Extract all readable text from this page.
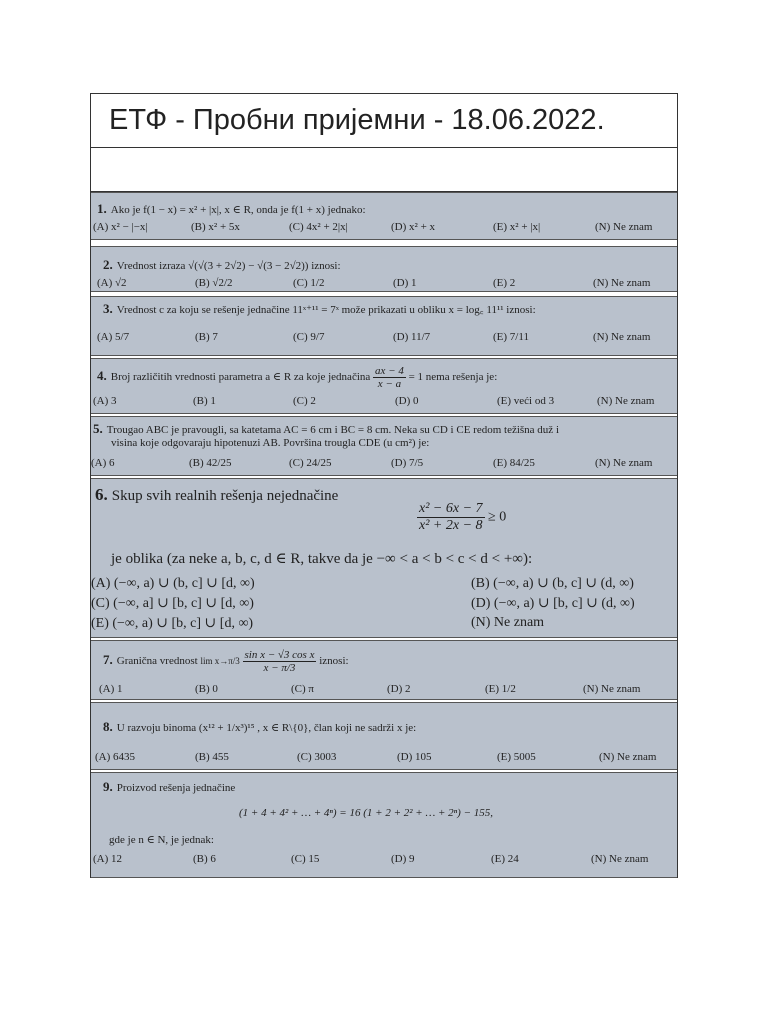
ЕТФ - Пробни пријемни - 18.06.2022.
1. Ako je f(1 − x) = x² + |x|, x ∈ R, onda je f(1 + x) jednako:
(A) x² − |−x|	(B) x² + 5x	(C) 4x² + 2|x|	(D) x² + x	(E) x² + |x|	(N) Ne znam
2. Vrednost izraza √(√(3 + 2√2) − √(3 − 2√2)) iznosi:
(A) √2	(B) √2/2	(C) 1/2	(D) 1	(E) 2	(N) Ne znam
3. Vrednost c za koju se rešenje jednačine 11ˣ⁺¹¹ = 7ˣ može prikazati u obliku x = log꜀ 11¹¹ iznosi:
(A) 5/7	(B) 7	(C) 9/7	(D) 11/7	(E) 7/11	(N) Ne znam
4. Broj različitih vrednosti parametra a ∈ R za koje jednačina $\frac{ax - 4}{x - a} = 1$ nema rešenja je:
(A) 3	(B) 1	(C) 2	(D) 0	(E) veći od 3	(N) Ne znam
5. Trougao ABC je pravougli, sa katetama AC = 6 cm i BC = 8 cm. Neka su CD i CE redom težišna duž i
visina koje odgovaraju hipotenuzi AB. Površina trougla CDE (u cm²) je:
(A) 6	(B) 42/25	(C) 24/25	(D) 7/5	(E) 84/25	(N) Ne znam
6. Skup svih realnih rešenja nejednačine
$\frac{\text{x² − 6x − 7}}{\text{x² + 2x − 8}} \ge 0$
je oblika (za neke a, b, c, d ∈ R, takve da je −∞ < a < b < c < d < +∞):
(A) (−∞, a) ∪ (b, c] ∪ [d, ∞)	(B) (−∞, a) ∪ (b, c] ∪ (d, ∞)
(C) (−∞, a] ∪ [b, c] ∪ [d, ∞)	(D) (−∞, a) ∪ [b, c] ∪ (d, ∞)
(E) (−∞, a) ∪ [b, c] ∪ [d, ∞)	(N) Ne znam
7. Granična vrednost $\lim x\to\pi/3 \frac{\text{sin x − √3 cos x}}{x - \pi/3}$ iznosi:
(A) 1	(B) 0	(C) π	(D) 2	(E) 1/2	(N) Ne znam
8. U razvoju binoma (x¹² + 1/x³)¹⁵ , x ∈ R\{0}, član koji ne sadrži x je:
(A) 6435	(B) 455	(C) 3003	(D) 105	(E) 5005	(N) Ne znam
9. Proizvod rešenja jednačine
(1 + 4 + 4² + … + 4ⁿ) = 16 (1 + 2 + 2² + … + 2ⁿ) − 155,
gde je n ∈ N, je jednak:
(A) 12	(B) 6	(C) 15	(D) 9	(E) 24	(N) Ne znam
